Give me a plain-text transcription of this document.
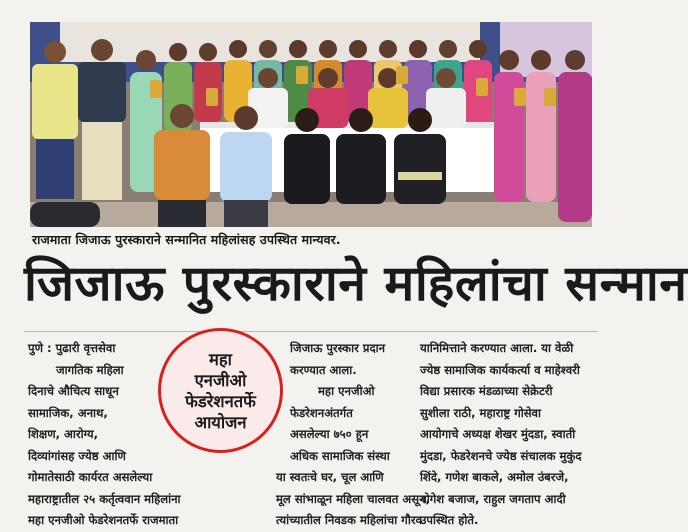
राजमाता जिजाऊ पुरस्काराने सन्मानित महिलांसह उपस्थित मान्यवर.
जिजाऊ पुरस्काराने महिलांचा सन्मान

पुणे : पुढारी वृत्तसेवा

जागतिक महिला

दिनाचे औचित्य साधून

सामाजिक, अनाथ,

शिक्षण, आरोग्य,

दिव्यांगांसह ज्येष्ठ आणि

गोमातेसाठी कार्यरत असलेल्या

महाराष्ट्रातील २५ कर्तृत्ववान महिलांना

महा एनजीओ फेडरेशनतर्फे राजमाता

महा
एनजीओ
फेडरेशनतर्फे
आयोजन

जिजाऊ पुरस्कार प्रदान

करण्यात आला.

महा एनजीओ

फेडरेशनअंतर्गत

असलेल्या ७५० हून

अधिक सामाजिक संस्था

या स्वतःचे घर, चूल आणि

मूल सांभाळून महिला चालवत असून,

त्यांच्यातील निवडक महिलांचा गौरव

यानिमित्ताने करण्यात आला. या वेळी

ज्येष्ठ सामाजिक कार्यकर्त्या व माहेश्वरी

विद्या प्रसारक मंडळाच्या सेक्रेटरी

सुशीला राठी, महाराष्ट्र गोसेवा

आयोगाचे अध्यक्ष शेखर मुंदडा, स्वाती

मुंदडा, फेडरेशनचे ज्येष्ठ संचालक मुकुंद

शिंदे, गणेश बाकले, अमोल उंबरजे,

योगेश बजाज, राहुल जगताप आदी

उपस्थित होते.
